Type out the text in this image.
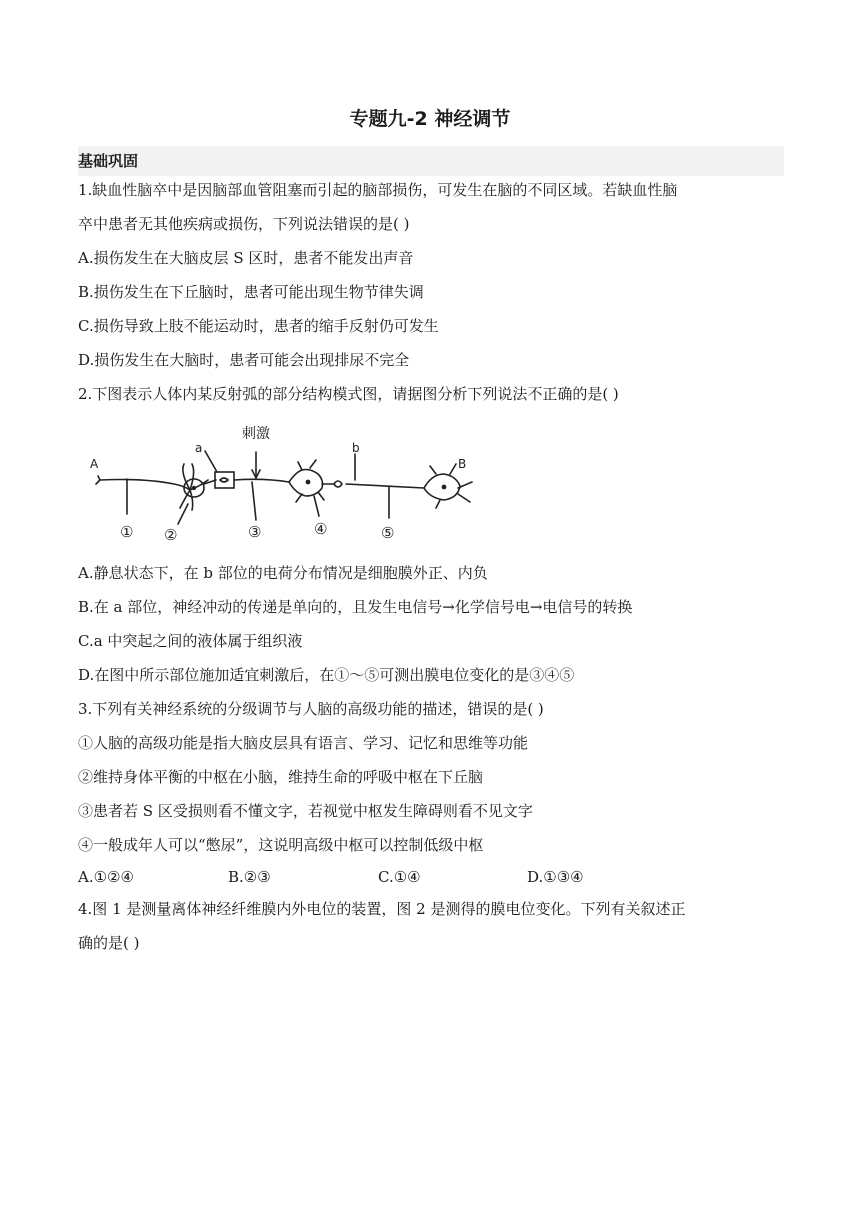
专题九-2 神经调节
基础巩固
1.缺血性脑卒中是因脑部血管阻塞而引起的脑部损伤，可发生在脑的不同区域。若缺血性脑
卒中患者无其他疾病或损伤，下列说法错误的是( )
A.损伤发生在大脑皮层 S 区时，患者不能发出声音
B.损伤发生在下丘脑时，患者可能出现生物节律失调
C.损伤导致上肢不能运动时，患者的缩手反射仍可发生
D.损伤发生在大脑时，患者可能会出现排尿不完全
2.下图表示人体内某反射弧的部分结构模式图，请据图分析下列说法不正确的是( )
刺激
a	b
A	B
① ②	③	④	⑤
A.静息状态下，在 b 部位的电荷分布情况是细胞膜外正、内负
B.在 a 部位，神经冲动的传递是单向的，且发生电信号→化学信号电→电信号的转换
C.a 中突起之间的液体属于组织液
D.在图中所示部位施加适宜刺激后，在①～⑤可测出膜电位变化的是③④⑤
3.下列有关神经系统的分级调节与人脑的高级功能的描述，错误的是( )
①人脑的高级功能是指大脑皮层具有语言、学习、记忆和思维等功能
②维持身体平衡的中枢在小脑，维持生命的呼吸中枢在下丘脑
③患者若 S 区受损则看不懂文字，若视觉中枢发生障碍则看不见文字
④一般成年人可以“憋尿”，这说明高级中枢可以控制低级中枢
A.①②④	B.②③	C.①④	D.①③④
4.图 1 是测量离体神经纤维膜内外电位的装置，图 2 是测得的膜电位变化。下列有关叙述正
确的是( )
